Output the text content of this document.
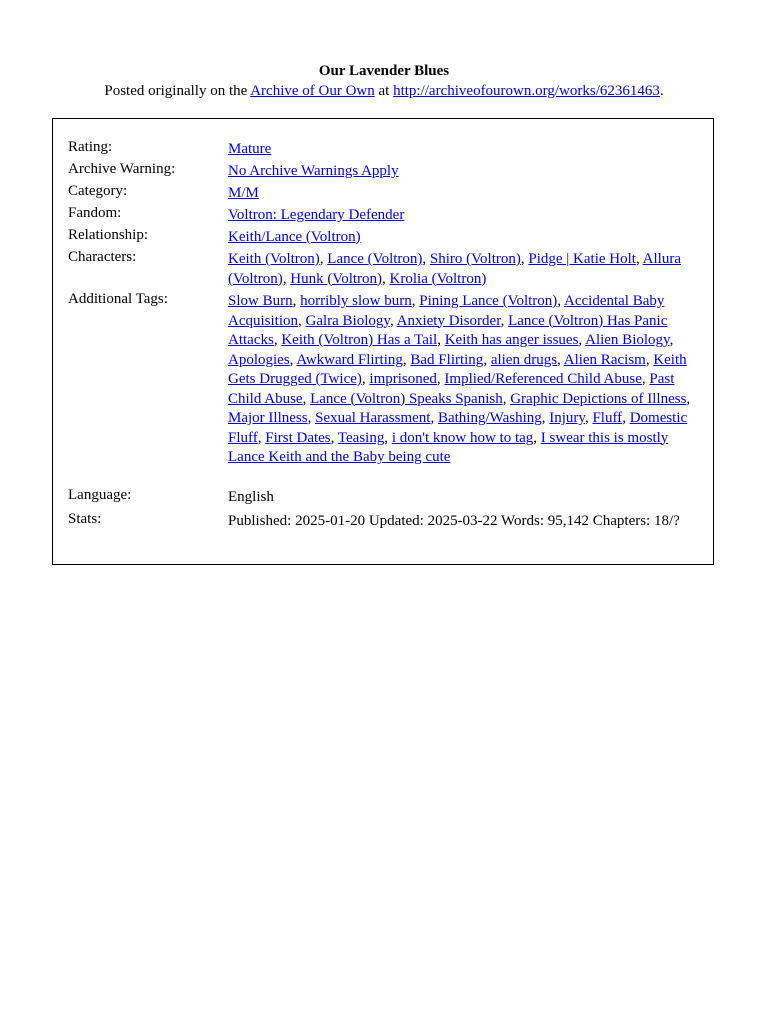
Our Lavender Blues
Posted originally on the Archive of Our Own at http://archiveofourown.org/works/62361463.
Rating:	Mature
Archive Warning:	No Archive Warnings Apply
Category:	M/M
Fandom:	Voltron: Legendary Defender
Relationship:	Keith/Lance (Voltron)
Characters:	Keith (Voltron), Lance (Voltron), Shiro (Voltron), Pidge | Katie Holt, Allura (Voltron), Hunk (Voltron), Krolia (Voltron)
Additional Tags:	Slow Burn, horribly slow burn, Pining Lance (Voltron), Accidental Baby Acquisition, Galra Biology, Anxiety Disorder, Lance (Voltron) Has Panic Attacks, Keith (Voltron) Has a Tail, Keith has anger issues, Alien Biology, Apologies, Awkward Flirting, Bad Flirting, alien drugs, Alien Racism, Keith Gets Drugged (Twice), imprisoned, Implied/Referenced Child Abuse, Past Child Abuse, Lance (Voltron) Speaks Spanish, Graphic Depictions of Illness, Major Illness, Sexual Harassment, Bathing/Washing, Injury, Fluff, Domestic Fluff, First Dates, Teasing, i don't know how to tag, I swear this is mostly Lance Keith and the Baby being cute
Language:	English
Stats:	Published: 2025-01-20 Updated: 2025-03-22 Words: 95,142 Chapters: 18/?
